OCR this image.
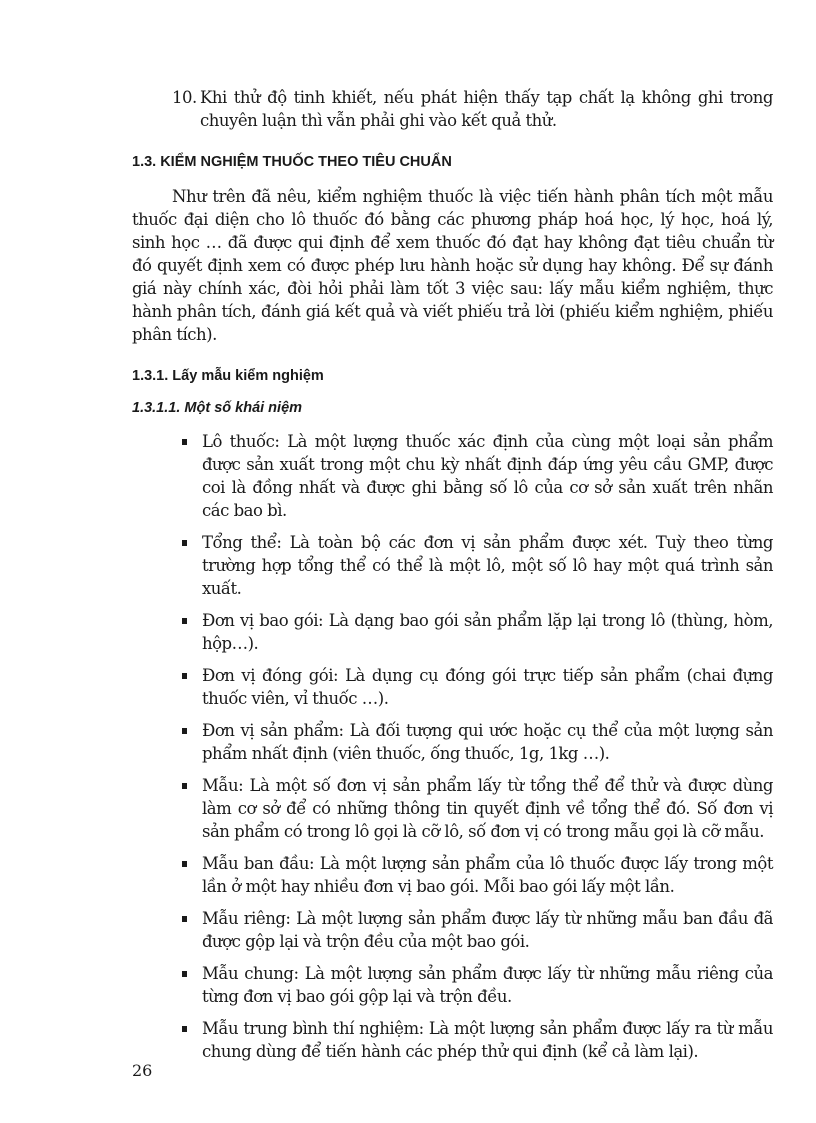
10. Khi thử độ tinh khiết, nếu phát hiện thấy tạp chất lạ không ghi trong chuyên luận thì vẫn phải ghi vào kết quả thử.
1.3. KIỂM NGHIỆM THUỐC THEO TIÊU CHUẨN

Như trên đã nêu, kiểm nghiệm thuốc là việc tiến hành phân tích một mẫu thuốc đại diện cho lô thuốc đó bằng các phương pháp hoá học, lý học, hoá lý, sinh học … đã được qui định để xem thuốc đó đạt hay không đạt tiêu chuẩn từ đó quyết định xem có được phép lưu hành hoặc sử dụng hay không. Để sự đánh giá này chính xác, đòi hỏi phải làm tốt 3 việc sau: lấy mẫu kiểm nghiệm, thực hành phân tích, đánh giá kết quả và viết phiếu trả lời (phiếu kiểm nghiệm, phiếu phân tích).

1.3.1. Lấy mẫu kiểm nghiệm
1.3.1.1. Một số khái niệm
Lô thuốc: Là một lượng thuốc xác định của cùng một loại sản phẩm được sản xuất trong một chu kỳ nhất định đáp ứng yêu cầu GMP, được coi là đồng nhất và được ghi bằng số lô của cơ sở sản xuất trên nhãn các bao bì.
Tổng thể: Là toàn bộ các đơn vị sản phẩm được xét. Tuỳ theo từng trường hợp tổng thể có thể là một lô, một số lô hay một quá trình sản xuất.
Đơn vị bao gói: Là dạng bao gói sản phẩm lặp lại trong lô (thùng, hòm, hộp…).
Đơn vị đóng gói: Là dụng cụ đóng gói trực tiếp sản phẩm (chai đựng thuốc viên, vỉ thuốc …).
Đơn vị sản phẩm: Là đối tượng qui ước hoặc cụ thể của một lượng sản phẩm nhất định (viên thuốc, ống thuốc, 1g, 1kg …).
Mẫu: Là một số đơn vị sản phẩm lấy từ tổng thể để thử và được dùng làm cơ sở để có những thông tin quyết định về tổng thể đó. Số đơn vị sản phẩm có trong lô gọi là cỡ lô, số đơn vị có trong mẫu gọi là cỡ mẫu.
Mẫu ban đầu: Là một lượng sản phẩm của lô thuốc được lấy trong một lần ở một hay nhiều đơn vị bao gói. Mỗi bao gói lấy một lần.
Mẫu riêng: Là một lượng sản phẩm được lấy từ những mẫu ban đầu đã được gộp lại và trộn đều của một bao gói.
Mẫu chung: Là một lượng sản phẩm được lấy từ những mẫu riêng của từng đơn vị bao gói gộp lại và trộn đều.
Mẫu trung bình thí nghiệm: Là một lượng sản phẩm được lấy ra từ mẫu chung dùng để tiến hành các phép thử qui định (kể cả làm lại).
26
